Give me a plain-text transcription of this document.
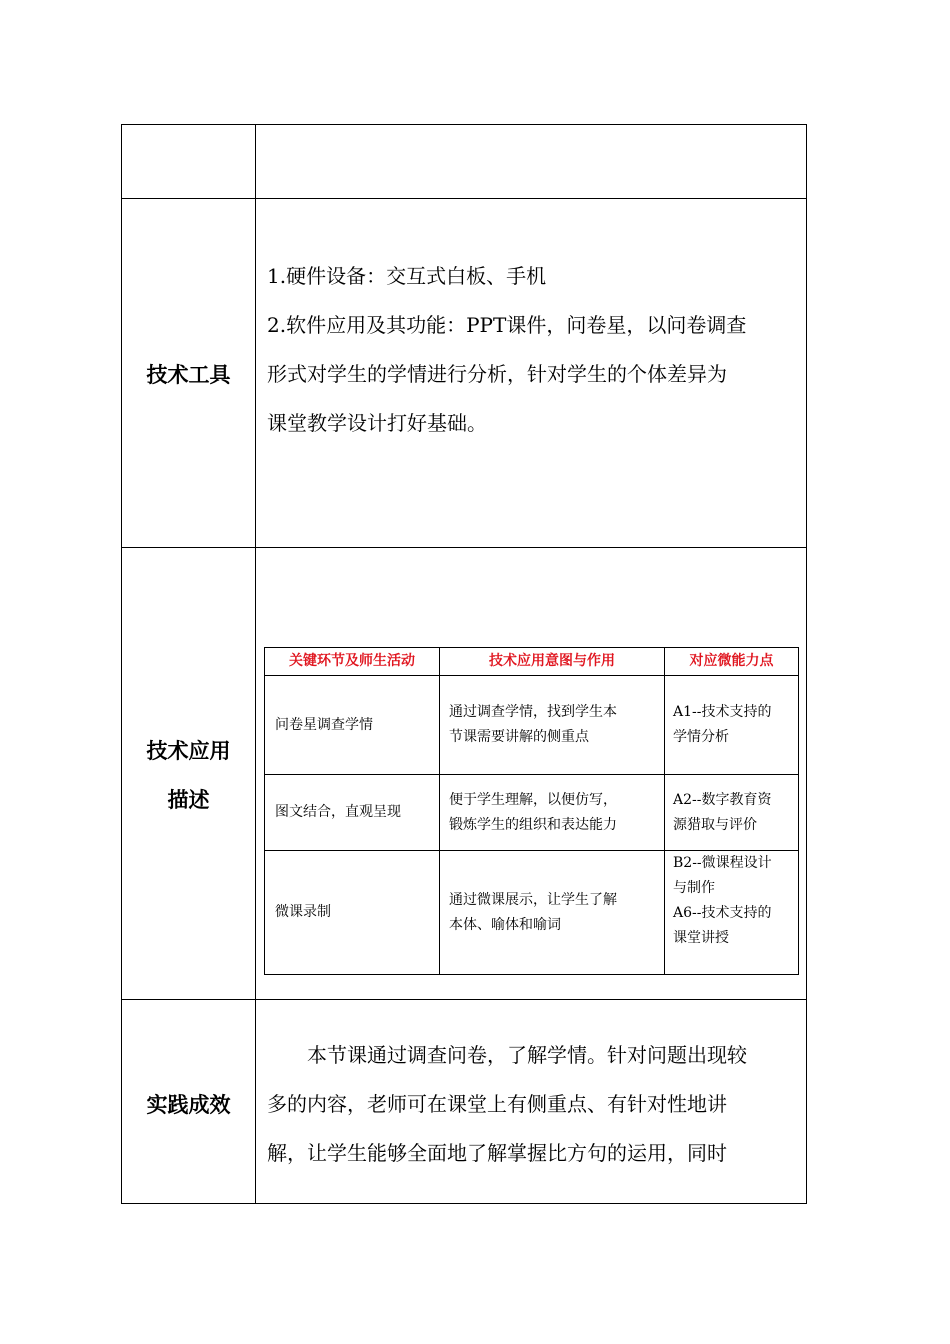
技术工具

1.硬件设备：交互式白板、手机

2.软件应用及其功能：PPT课件，问卷星，以问卷调查

形式对学生的学情进行分析，针对学生的个体差异为

课堂教学设计打好基础。

技术应用
描述
关键环节及师生活动	技术应用意图与作用	对应微能力点
问卷星调查学情
通过调查学情，找到学生本
节课需要讲解的侧重点
A1--技术支持的
学情分析
图文结合，直观呈现
便于学生理解，以便仿写，
锻炼学生的组织和表达能力
A2--数字教育资
源猎取与评价
微课录制
通过微课展示，让学生了解
本体、喻体和喻词
B2--微课程设计
与制作
A6--技术支持的
课堂讲授
实践成效

本节课通过调查问卷，了解学情。针对问题出现较

多的内容，老师可在课堂上有侧重点、有针对性地讲

解，让学生能够全面地了解掌握比方句的运用，同时
